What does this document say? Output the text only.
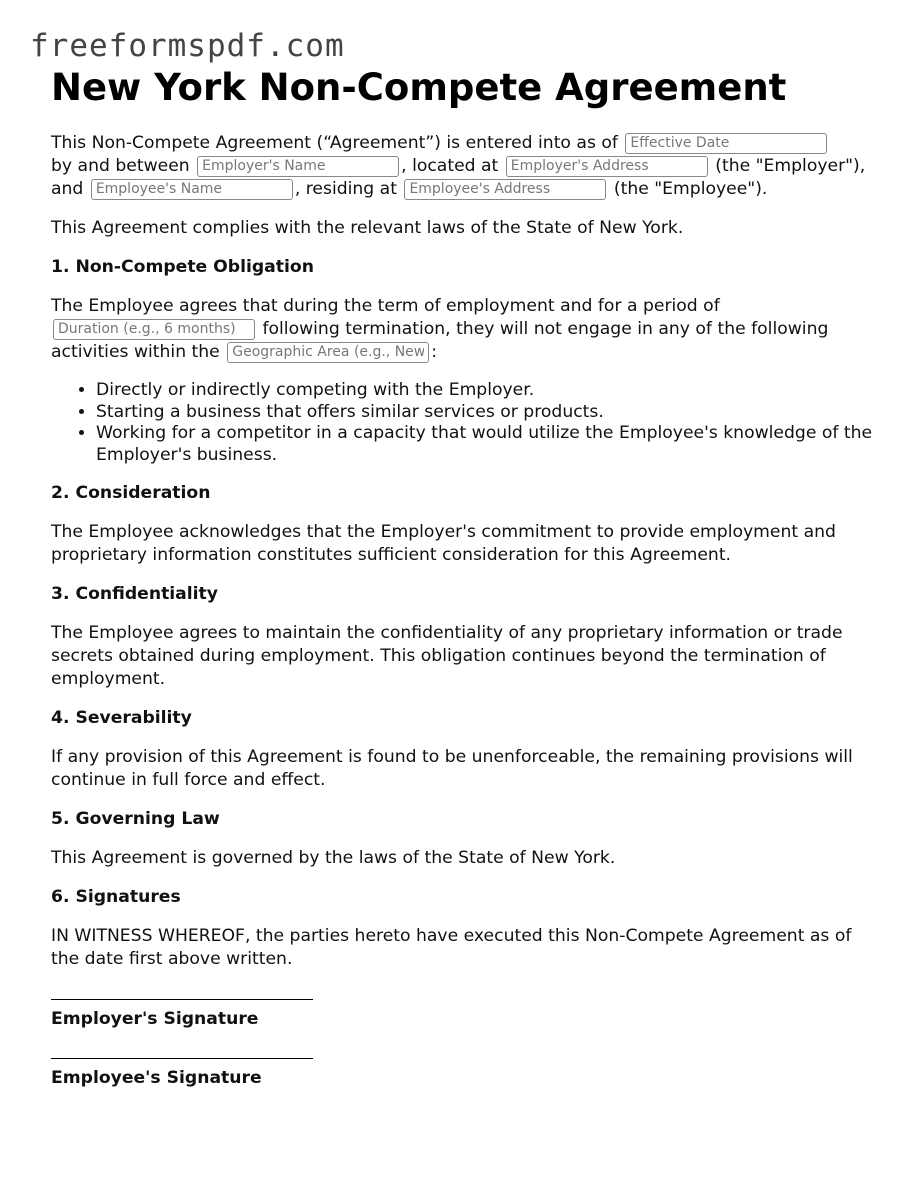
freeformspdf.com
New York Non-Compete Agreement

This Non-Compete Agreement (“Agreement”) is entered into as of Effective Date
by and between Employer's Name	, located at Employer's Address	(the "Employer"), and Employee's Name	, residing at Employee's Address	(the "Employee").

This Agreement complies with the relevant laws of the State of New York.

1. Non-Compete Obligation

The Employee agrees that during the term of employment and for a period of Duration (e.g., 6 months) following termination, they will not engage in any of the following activities within the Geographic Area (e.g., New York)	:

• Directly or indirectly competing with the Employer.
• Starting a business that offers similar services or products.
• Working for a competitor in a capacity that would utilize the Employee's knowledge of the Employer's business.
2. Consideration

The Employee acknowledges that the Employer's commitment to provide employment and proprietary information constitutes sufficient consideration for this Agreement.

3. Confidentiality

The Employee agrees to maintain the confidentiality of any proprietary information or trade secrets obtained during employment. This obligation continues beyond the termination of employment.

4. Severability

If any provision of this Agreement is found to be unenforceable, the remaining provisions will continue in full force and effect.

5. Governing Law

This Agreement is governed by the laws of the State of New York.

6. Signatures

IN WITNESS WHEREOF, the parties hereto have executed this Non-Compete Agreement as of the date first above written.

Employer's Signature
Employee's Signature
